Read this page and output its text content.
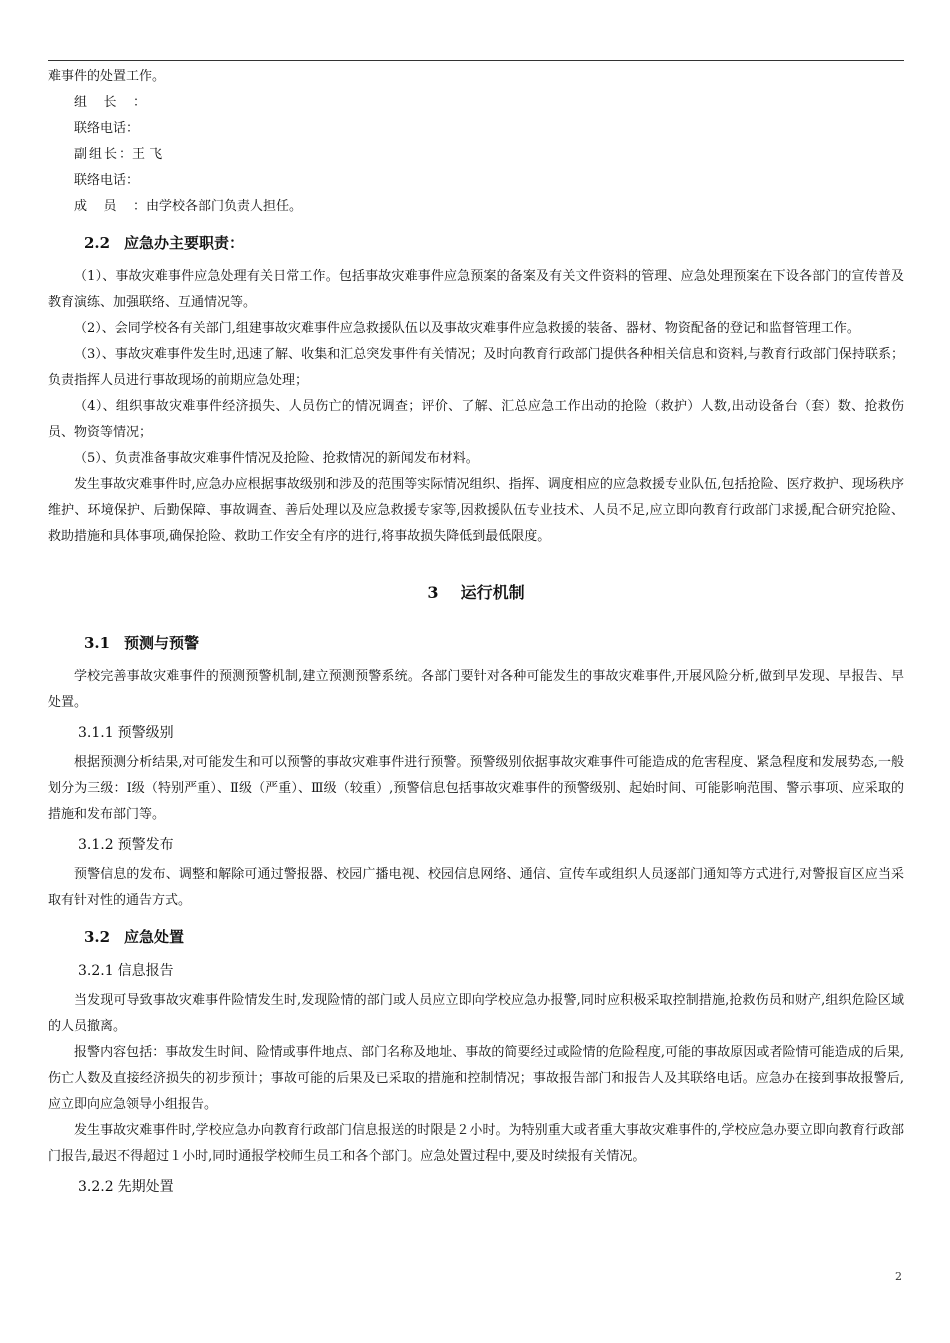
难事件的处置工作。

组长：
联络电话：
副组长： 王 飞
联络电话：
成员： 由学校各部门负责人担任。
2.2 应急办主要职责：

（1）、事故灾难事件应急处理有关日常工作。包括事故灾难事件应急预案的备案及有关文件资料的管理、应急处理预案在下设各部门的宣传普及教育演练、加强联络、互通情况等。

（2）、会同学校各有关部门,组建事故灾难事件应急救援队伍以及事故灾难事件应急救援的装备、器材、物资配备的登记和监督管理工作。

（3）、事故灾难事件发生时,迅速了解、收集和汇总突发事件有关情况；及时向教育行政部门提供各种相关信息和资料,与教育行政部门保持联系；负责指挥人员进行事故现场的前期应急处理；

（4）、组织事故灾难事件经济损失、人员伤亡的情况调查；评价、了解、汇总应急工作出动的抢险（救护）人数,出动设备台（套）数、抢救伤员、物资等情况；

（5）、负责准备事故灾难事件情况及抢险、抢救情况的新闻发布材料。

发生事故灾难事件时,应急办应根据事故级别和涉及的范围等实际情况组织、指挥、调度相应的应急救援专业队伍,包括抢险、医疗救护、现场秩序维护、环境保护、后勤保障、事故调查、善后处理以及应急救援专家等,因救援队伍专业技术、人员不足,应立即向教育行政部门求援,配合研究抢险、救助措施和具体事项,确保抢险、救助工作安全有序的进行,将事故损失降低到最低限度。

3 运行机制
3.1 预测与预警

学校完善事故灾难事件的预测预警机制,建立预测预警系统。各部门要针对各种可能发生的事故灾难事件,开展风险分析,做到早发现、早报告、早处置。

3.1.1 预警级别

根据预测分析结果,对可能发生和可以预警的事故灾难事件进行预警。预警级别依据事故灾难事件可能造成的危害程度、紧急程度和发展势态,一般划分为三级：Ⅰ级（特别严重）、Ⅱ级（严重）、Ⅲ级（较重）,预警信息包括事故灾难事件的预警级别、起始时间、可能影响范围、警示事项、应采取的措施和发布部门等。

3.1.2 预警发布

预警信息的发布、调整和解除可通过警报器、校园广播电视、校园信息网络、通信、宣传车或组织人员逐部门通知等方式进行,对警报盲区应当采取有针对性的通告方式。

3.2 应急处置
3.2.1 信息报告

当发现可导致事故灾难事件险情发生时,发现险情的部门或人员应立即向学校应急办报警,同时应积极采取控制措施,抢救伤员和财产,组织危险区域的人员撤离。

报警内容包括：事故发生时间、险情或事件地点、部门名称及地址、事故的简要经过或险情的危险程度,可能的事故原因或者险情可能造成的后果,伤亡人数及直接经济损失的初步预计；事故可能的后果及已采取的措施和控制情况；事故报告部门和报告人及其联络电话。应急办在接到事故报警后,应立即向应急领导小组报告。

发生事故灾难事件时,学校应急办向教育行政部门信息报送的时限是２小时。为特别重大或者重大事故灾难事件的,学校应急办要立即向教育行政部门报告,最迟不得超过１小时,同时通报学校师生员工和各个部门。应急处置过程中,要及时续报有关情况。

3.2.2 先期处置
2
